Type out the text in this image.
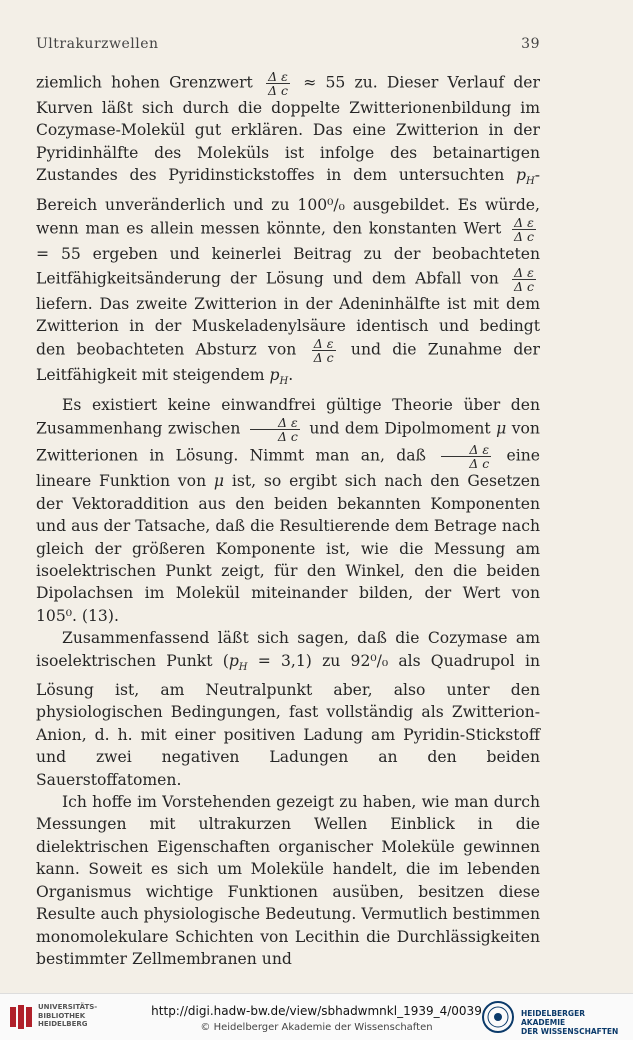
Ultrakurzwellen	39

ziemlich hohen Grenzwert $\frac{\text{Δ ε}}{\text{Δ c}} \approx 55$ zu. Dieser Verlauf der Kurven läßt sich durch die doppelte Zwitterionenbildung im Cozymase-Molekül gut erklären. Das eine Zwitterion in der Pyridinhälfte des Moleküls ist infolge des betainartigen Zustandes des Pyridinstickstoffes in dem untersuchten $p_H$-Bereich unveränderlich und zu 100⁰/₀ ausgebildet. Es würde, wenn man es allein messen könnte, den konstanten Wert $\frac{\text{Δ ε}}{\text{Δ c}}$
= 55 ergeben und keinerlei Beitrag zu der beobachteten Leitfähigkeitsänderung der Lösung und dem Abfall von $\frac{\text{Δ ε}}{\text{Δ c}}$
liefern. Das zweite Zwitterion in der Adeninhälfte ist mit dem Zwitterion in der Muskeladenylsäure identisch und bedingt den beobachteten Absturz von $\frac{\text{Δ ε}}{\text{Δ c}}$ und die Zunahme der Leitfähigkeit mit steigendem $p_H$.

Es existiert keine einwandfrei gültige Theorie über den Zusammenhang zwischen $\frac{\text{Δ ε}}{\text{Δ c}}$ und dem Dipolmoment μ von Zwitterionen in Lösung. Nimmt man an, daß $\frac{\text{Δ ε}}{\text{Δ c}}$ eine lineare Funktion von μ ist, so ergibt sich nach den Gesetzen der Vektoraddition aus den beiden bekannten Komponenten und aus der Tatsache, daß die Resultierende dem Betrage nach gleich der größeren Komponente ist, wie die Messung am isoelektrischen Punkt zeigt, für den Winkel, den die beiden Dipolachsen im Molekül miteinander bilden, der Wert von 105⁰. (13).

Zusammenfassend läßt sich sagen, daß die Cozymase am isoelektrischen Punkt $(p_H = 3,1)$ zu 92⁰/₀ als Quadrupol in Lösung ist, am Neutralpunkt aber, also unter den physiologischen Bedingungen, fast vollständig als Zwitterion-Anion, d. h. mit einer positiven Ladung am Pyridin-Stickstoff und zwei negativen Ladungen an den beiden Sauerstoffatomen.

Ich hoffe im Vorstehenden gezeigt zu haben, wie man durch Messungen mit ultrakurzen Wellen Einblick in die dielektrischen Eigenschaften organischer Moleküle gewinnen kann. Soweit es sich um Moleküle handelt, die im lebenden Organismus wichtige Funktionen ausüben, besitzen diese Resulte auch physiologische Bedeutung. Vermutlich bestimmen monomolekulare Schichten von Lecithin die Durchlässigkeiten bestimmter Zellmembranen und

UNIVERSITÄTS-
BIBLIOTHEK
HEIDELBERG
http://digi.hadw-bw.de/view/sbhadwmnkl_1939_4/0039
© Heidelberger Akademie der Wissenschaften
HEIDELBERGER AKADEMIE
DER WISSENSCHAFTEN
